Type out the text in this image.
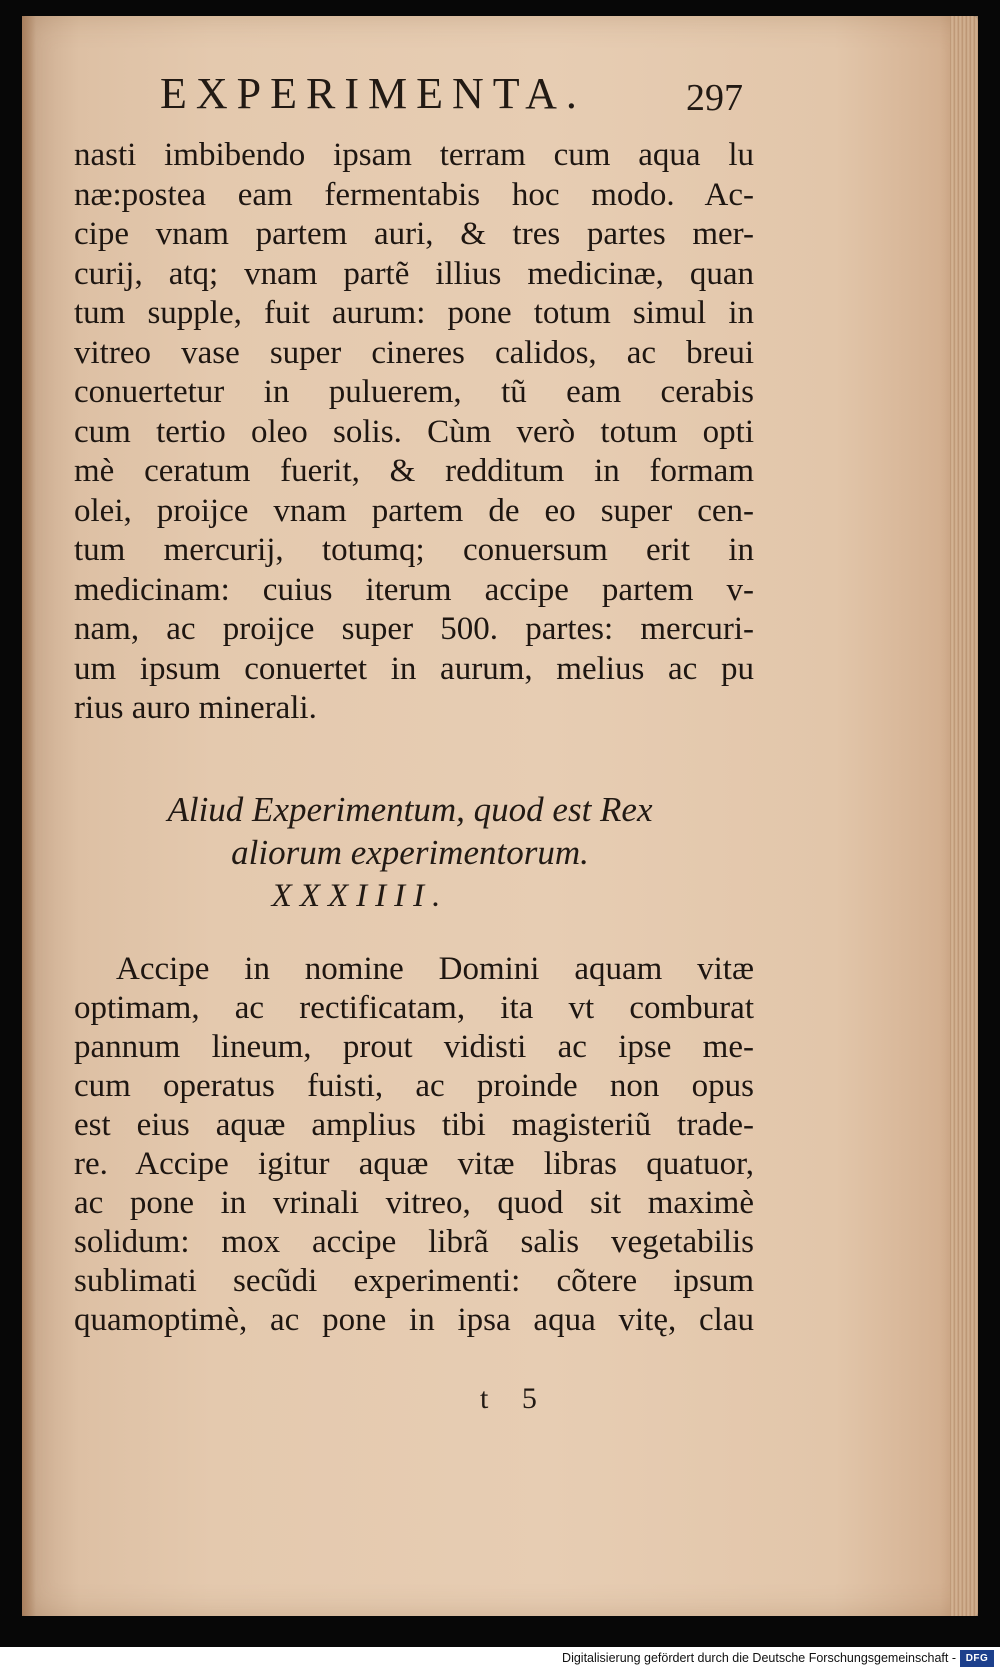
EXPERIMENTA.	297
nasti imbibendo ipsam terram cum aqua lu
næ:postea eam fermentabis hoc modo. Ac-
cipe vnam partem auri, & tres partes mer-
curij, atq; vnam partẽ illius medicinæ, quan
tum supple, fuit aurum: pone totum simul in
vitreo vase super cineres calidos, ac breui
conuertetur in puluerem, tũ eam cerabis
cum tertio oleo solis. Cùm verò totum opti
mè ceratum fuerit, & redditum in formam
olei, proijce vnam partem de eo super cen-
tum mercurij, totumq; conuersum erit in
medicinam: cuius iterum accipe partem v-
nam, ac proijce super 500. partes: mercuri-
um ipsum conuertet in aurum, melius ac pu
rius auro minerali.
Aliud Experimentum, quod est Rex
aliorum experimentorum.
XXXIIII.
Accipe in nomine Domini aquam vitæ
optimam, ac rectificatam, ita vt comburat
pannum lineum, prout vidisti ac ipse me-
cum operatus fuisti, ac proinde non opus
est eius aquæ amplius tibi magisteriũ trade-
re. Accipe igitur aquæ vitæ libras quatuor,
ac pone in vrinali vitreo, quod sit maximè
solidum: mox accipe librã salis vegetabilis
sublimati secũdi experimenti: cõtere ipsum
quamoptimè, ac pone in ipsa aqua vitę, clau
t 5
Digitalisierung gefördert durch die Deutsche Forschungsgemeinschaft - DFG
